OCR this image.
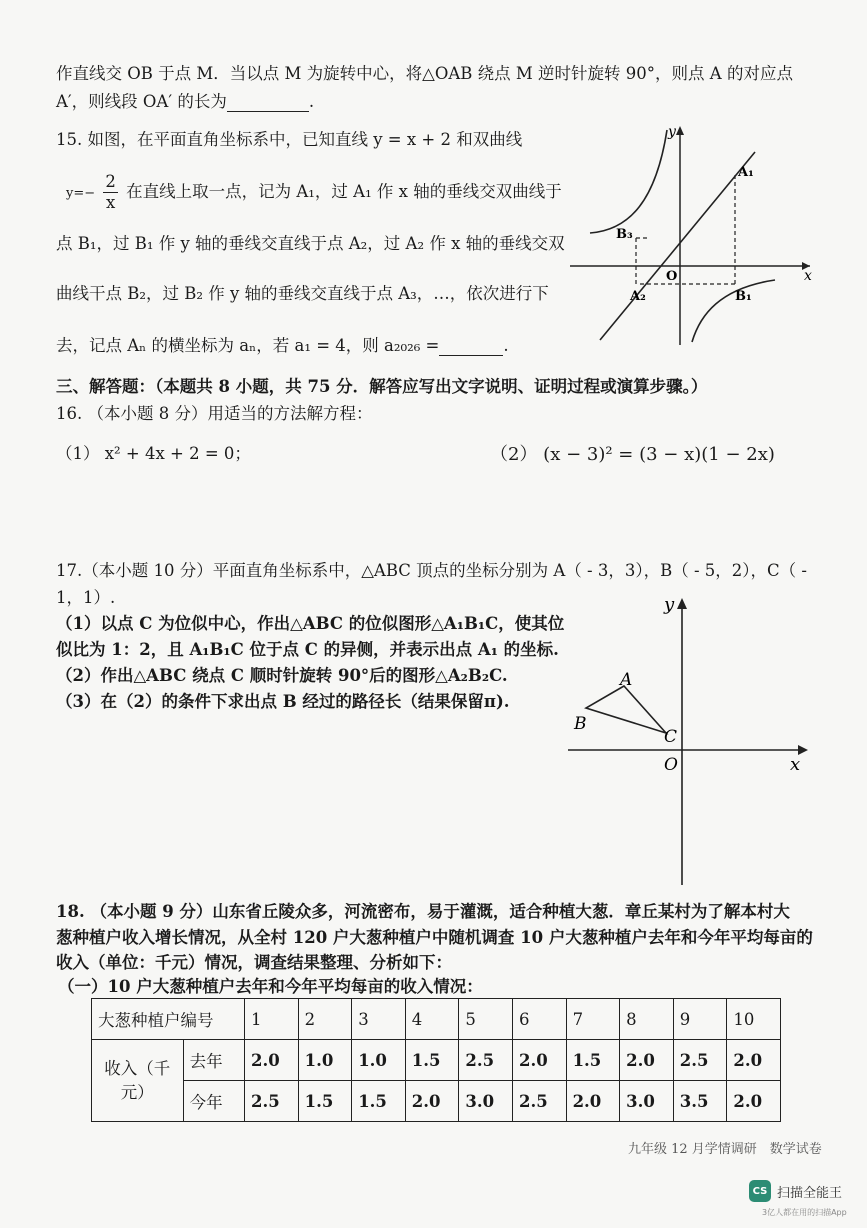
作直线交 OB 于点 M．当以点 M 为旋转中心，将△OAB 绕点 M 逆时针旋转 90°，则点 A 的对应点
A′，则线段 OA′ 的长为	.
15. 如图，在平面直角坐标系中，已知直线 y = x + 2 和双曲线
$y=- \frac{2}{x}$ 在直线上取一点，记为 A₁，过 A₁ 作 x 轴的垂线交双曲线于
点 B₁，过 B₁ 作 y 轴的垂线交直线于点 A₂，过 A₂ 作 x 轴的垂线交双
曲线干点 B₂，过 B₂ 作 y 轴的垂线交直线于点 A₃，…，依次进行下
去，记点 Aₙ 的横坐标为 aₙ，若 a₁ = 4，则 a₂₀₂₆ =	.
y
x
O
A₁
B₁
A₂
B₃
三、解答题：（本题共 8 小题，共 75 分．解答应写出文字说明、证明过程或演算步骤。）
16. （本小题 8 分）用适当的方法解方程：
（1） x² + 4x + 2 = 0；	（2） (x − 3)² = (3 − x)(1 − 2x)
17.（本小题 10 分）平面直角坐标系中，△ABC 顶点的坐标分别为 A（ - 3，3），B（ - 5，2），C（ -
1，1）.
（1）以点 C 为位似中心，作出△ABC 的位似图形△A₁B₁C，使其位
似比为 1：2，且 A₁B₁C 位于点 C 的异侧，并表示出点 A₁ 的坐标.
（2）作出△ABC 绕点 C 顺时针旋转 90°后的图形△A₂B₂C.
（3）在（2）的条件下求出点 B 经过的路径长（结果保留π).
y
x
O
A
B
C
18. （本小题 9 分）山东省丘陵众多，河流密布，易于灌溉，适合种植大葱．章丘某村为了解本村大
葱种植户收入增长情况，从全村 120 户大葱种植户中随机调查 10 户大葱种植户去年和今年平均每亩的
收入（单位：千元）情况，调查结果整理、分析如下：
（一）10 户大葱种植户去年和今年平均每亩的收入情况：
大葱种植户编号		1	2	3	4	5	6	7	8	9	10
收入（千元）	去年	2.0	1.0	1.0	1.5	2.5	2.0	1.5	2.0	2.5	2.0
	今年	2.5	1.5	1.5	2.0	3.0	2.5	2.0	3.0	3.5	2.0
九年级 12 月学情调研　数学试卷
CS 扫描全能王
3亿人都在用的扫描App
